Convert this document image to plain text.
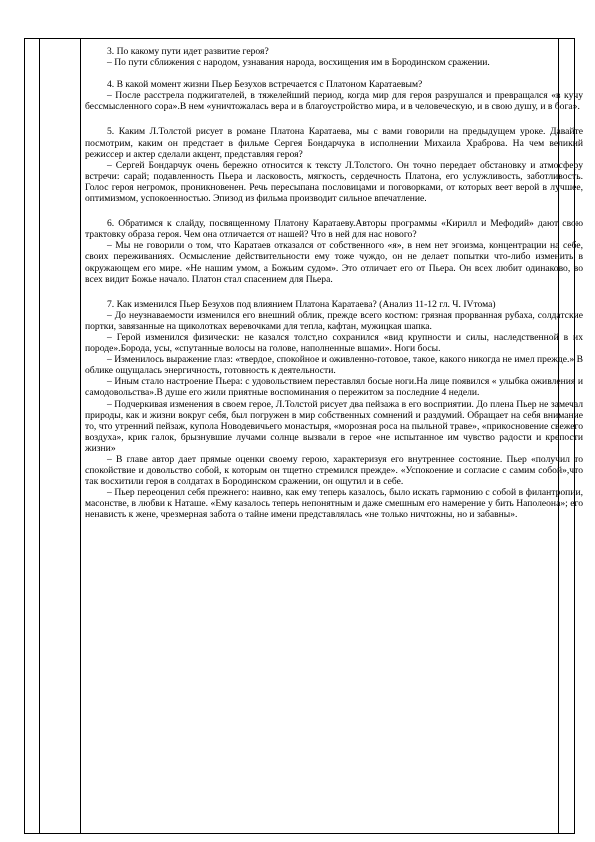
3. По какому пути идет развитие героя?

– По пути сближения с народом, узнавания народа, восхищения им в Бородинском сражении.

4. В какой момент жизни Пьер Безухов встречается с Платоном Каратаевым?

– После расстрела поджигателей, в тяжелейший период, когда мир для героя разрушался и превращался «в кучу бессмысленного сора».В нем «уничтожалась вера и в благоустройство мира, и в человеческую, и в свою душу, и в бога».

5. Каким Л.Толстой рисует в романе Платона Каратаева, мы с вами говорили на предыдущем уроке. Давайте посмотрим, каким он предстает в фильме Сергея Бондарчука в исполнении Михаила Храброва. На чем великий режиссер и актер сделали акцент, представляя героя?

– Сергей Бондарчук очень бережно относится к тексту Л.Толстого. Он точно передает обстановку и атмосферу встречи: сарай; подавленность Пьера и ласковость, мягкость, сердечность Платона, его услужливость, заботливость. Голос героя негромок, проникновенен. Речь пересыпана пословицами и поговорками, от которых веет верой в лучшее, оптимизмом, успокоенностью. Эпизод из фильма производит сильное впечатление.

6. Обратимся к слайду, посвященному Платону Каратаеву.Авторы программы «Кирилл и Мефодий» дают свою трактовку образа героя. Чем она отличается от нашей? Что в ней для нас нового?

– Мы не говорили о том, что Каратаев отказался от собственного «я», в нем нет эгоизма, концентрации на себе, своих переживаниях. Осмысление действительности ему тоже чуждо, он не делает попытки что-либо изменить в окружающем его мире. «Не нашим умом, а Божьим судом». Это отличает его от Пьера. Он всех любит одинаково, во всех видит Божье начало. Платон стал спасением для Пьера.

7. Как изменился Пьер Безухов под влиянием Платона Каратаева? (Анализ 11-12 гл. Ч. IVтома)

– До неузнаваемости изменился его внешний облик, прежде всего костюм: грязная прорванная рубаха, солдатские портки, завязанные на щиколотках веревочками для тепла, кафтан, мужицкая шапка.

– Герой изменился физически: не казался толст,но сохранился «вид крупности и силы, наследственной в их породе».Борода, усы, «спутанные волосы на голове, наполненные вшами». Ноги босы.

– Изменилось выражение глаз: «твердое, спокойное и оживленно-готовое, такое, какого никогда не имел прежде.» В облике ощущалась энергичность, готовность к деятельности.

– Иным стало настроение Пьера: с удовольствием переставлял босые ноги.На лице появился « улыбка оживления и самодовольства».В душе его жили приятные воспоминания о пережитом за последние 4 недели.

– Подчеркивая изменения в своем герое, Л.Толстой рисует два пейзажа в его восприятии. До плена Пьер не замечал природы, как и жизни вокруг себя, был погружен в мир собственных сомнений и раздумий. Обращает на себя внимание то, что утренний пейзаж, купола Новодевичьего монастыря, «морозная роса на пыльной траве», «прикосновение свежего воздуха», крик галок, брызнувшие лучами солнце вызвали в герое «не испытанное им чувство радости и крепости жизни»

– В главе автор дает прямые оценки своему герою, характеризуя его внутреннее состояние. Пьер «получил то спокойствие и довольство собой, к которым он тщетно стремился прежде». «Успокоение и согласие с самим собой»,что так восхитили героя в солдатах в Бородинском сражении, он ощутил и в себе.

– Пьер переоценил себя прежнего: наивно, как ему теперь казалось, было искать гармонию с собой в филантропии, масонстве, в любви к Наташе. «Ему казалось теперь непонятным и даже смешным его намерение у бить Наполеона»; его ненависть к жене, чрезмерная забота о тайне имени представлялась «не только ничтожны, но и забавны».
